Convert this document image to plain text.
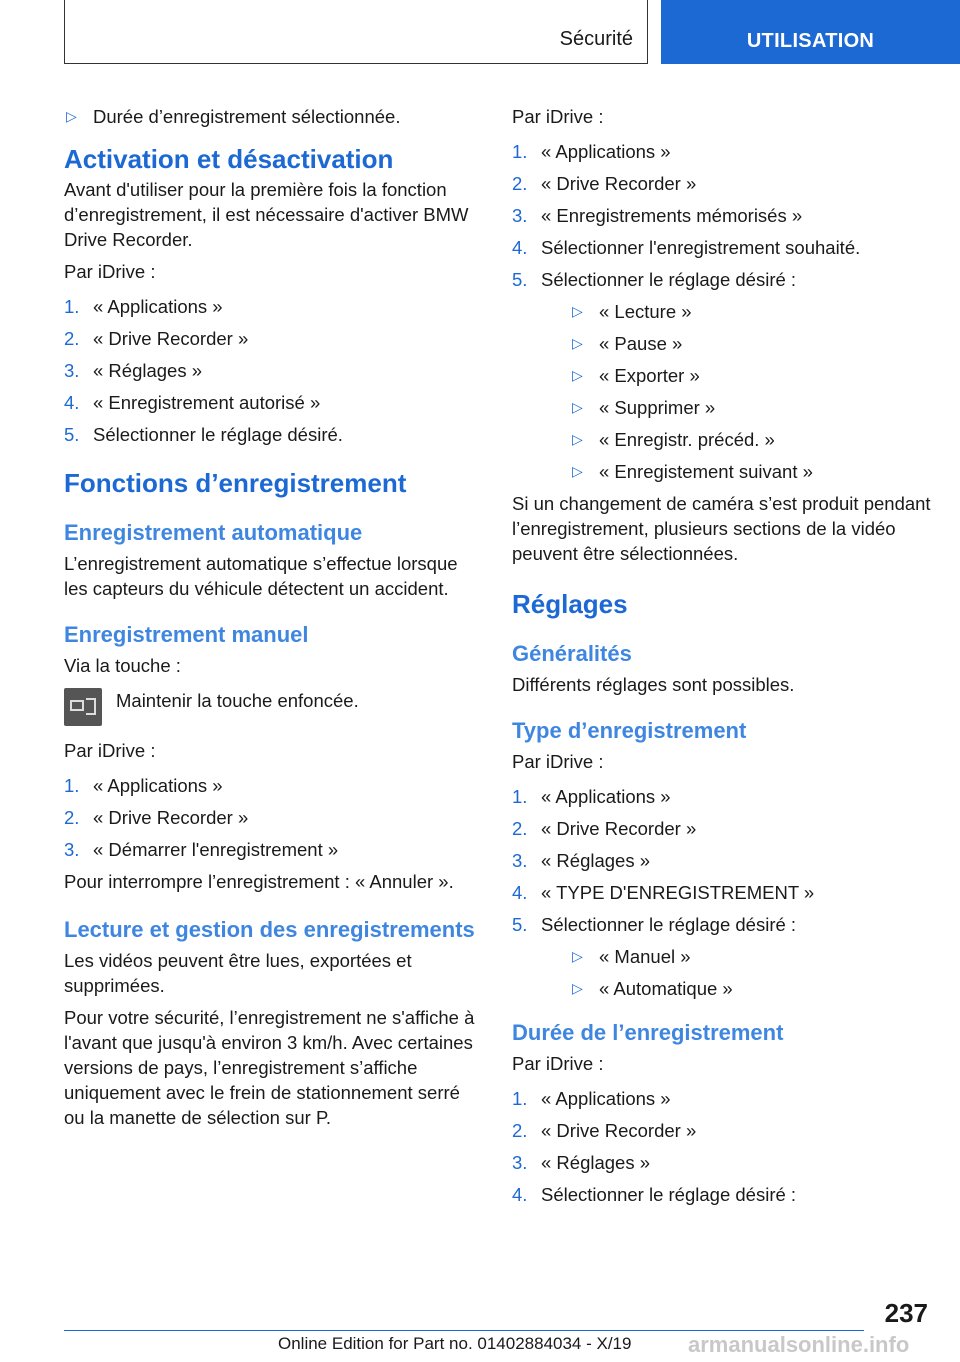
Sécurité	UTILISATION
▷ Durée d’enregistrement sélectionnée.
Activation et désactivation

Avant d'utiliser pour la première fois la fonction d’enregistrement, il est nécessaire d'activer BMW Drive Recorder.

Par iDrive :

1. « Applications »
2. « Drive Recorder »
3. « Réglages »
4. « Enregistrement autorisé »
5. Sélectionner le réglage désiré.
Fonctions d’enregistrement
Enregistrement automatique

L’enregistrement automatique s’effectue lorsque les capteurs du véhicule détectent un accident.

Enregistrement manuel

Via la touche :

Maintenir la touche enfoncée.

Par iDrive :

1. « Applications »
2. « Drive Recorder »
3. « Démarrer l'enregistrement »

Pour interrompre l’enregistrement : « Annuler ».

Lecture et gestion des enregistrements

Les vidéos peuvent être lues, exportées et supprimées.

Pour votre sécurité, l’enregistrement ne s'affiche à l'avant que jusqu'à environ 3 km/h. Avec certaines versions de pays, l’enregistrement s’affiche uniquement avec le frein de stationnement serré ou la manette de sélection sur P.

Par iDrive :

1. « Applications »
2. « Drive Recorder »
3. « Enregistrements mémorisés »
4. Sélectionner l'enregistrement souhaité.
5. Sélectionner le réglage désiré :
▷ « Lecture »
▷ « Pause »
▷ « Exporter »
▷ « Supprimer »
▷ « Enregistr. précéd. »
▷ « Enregistement suivant »

Si un changement de caméra s’est produit pendant l’enregistrement, plusieurs sections de la vidéo peuvent être sélectionnées.

Réglages
Généralités

Différents réglages sont possibles.

Type d’enregistrement

Par iDrive :

1. « Applications »
2. « Drive Recorder »
3. « Réglages »
4. « TYPE D'ENREGISTREMENT »
5. Sélectionner le réglage désiré :
▷ « Manuel »
▷ « Automatique »
Durée de l’enregistrement

Par iDrive :

1. « Applications »
2. « Drive Recorder »
3. « Réglages »
4. Sélectionner le réglage désiré :
237
Online Edition for Part no. 01402884034 - X/19	armanualsonline.info
